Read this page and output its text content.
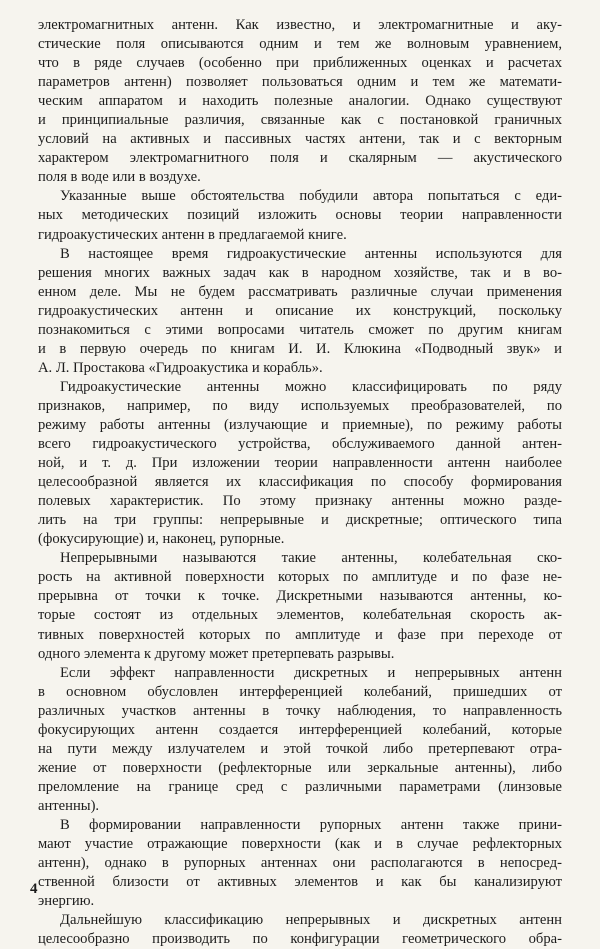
электромагнитных антенн. Как известно, и электромагнитные и аку-
стические поля описываются одним и тем же волновым уравнением,
что в ряде случаев (особенно при приближенных оценках и расчетах
параметров антенн) позволяет пользоваться одним и тем же математи-
ческим аппаратом и находить полезные аналогии. Однако существуют
и принципиальные различия, связанные как с постановкой граничных
условий на активных и пассивных частях антени, так и с векторным
характером электромагнитного поля и скалярным — акустического
поля в воде или в воздухе.
Указанные выше обстоятельства побудили автора попытаться с еди-
ных методических позиций изложить основы теории направленности
гидроакустических антенн в предлагаемой книге.
В настоящее время гидроакустические антенны используются для
решения многих важных задач как в народном хозяйстве, так и в во-
енном деле. Мы не будем рассматривать различные случаи применения
гидроакустических антенн и описание их конструкций, поскольку
познакомиться с этими вопросами читатель сможет по другим книгам
и в первую очередь по книгам И. И. Клюкина «Подводный звук» и
А. Л. Простакова «Гидроакустика и корабль».
Гидроакустические антенны можно классифицировать по ряду
признаков, например, по виду используемых преобразователей, по
режиму работы антенны (излучающие и приемные), по режиму работы
всего гидроакустического устройства, обслуживаемого данной антен-
ной, и т. д. При изложении теории направленности антенн наиболее
целесообразной является их классификация по способу формирования
полевых характеристик. По этому признаку антенны можно разде-
лить на три группы: непрерывные и дискретные; оптического типа
(фокусирующие) и, наконец, рупорные.
Непрерывными называются такие антенны, колебательная ско-
рость на активной поверхности которых по амплитуде и по фазе не-
прерывна от точки к точке. Дискретными называются антенны, ко-
торые состоят из отдельных элементов, колебательная скорость ак-
тивных поверхностей которых по амплитуде и фазе при переходе от
одного элемента к другому может претерпевать разрывы.
Если эффект направленности дискретных и непрерывных антенн
в основном обусловлен интерференцией колебаний, пришедших от
различных участков антенны в точку наблюдения, то направленность
фокусирующих антенн создается интерференцией колебаний, которые
на пути между излучателем и этой точкой либо претерпевают отра-
жение от поверхности (рефлекторные или зеркальные антенны), либо
преломление на границе сред с различными параметрами (линзовые
антенны).
В формировании направленности рупорных антенн также прини-
мают участие отражающие поверхности (как и в случае рефлекторных
антенн), однако в рупорных антеннах они располагаются в непосред-
ственной близости от активных элементов и как бы канализируют
энергию.
Дальнейшую классификацию непрерывных и дискретных антенн
целесообразно производить по конфигурации геометрического обра-
4
